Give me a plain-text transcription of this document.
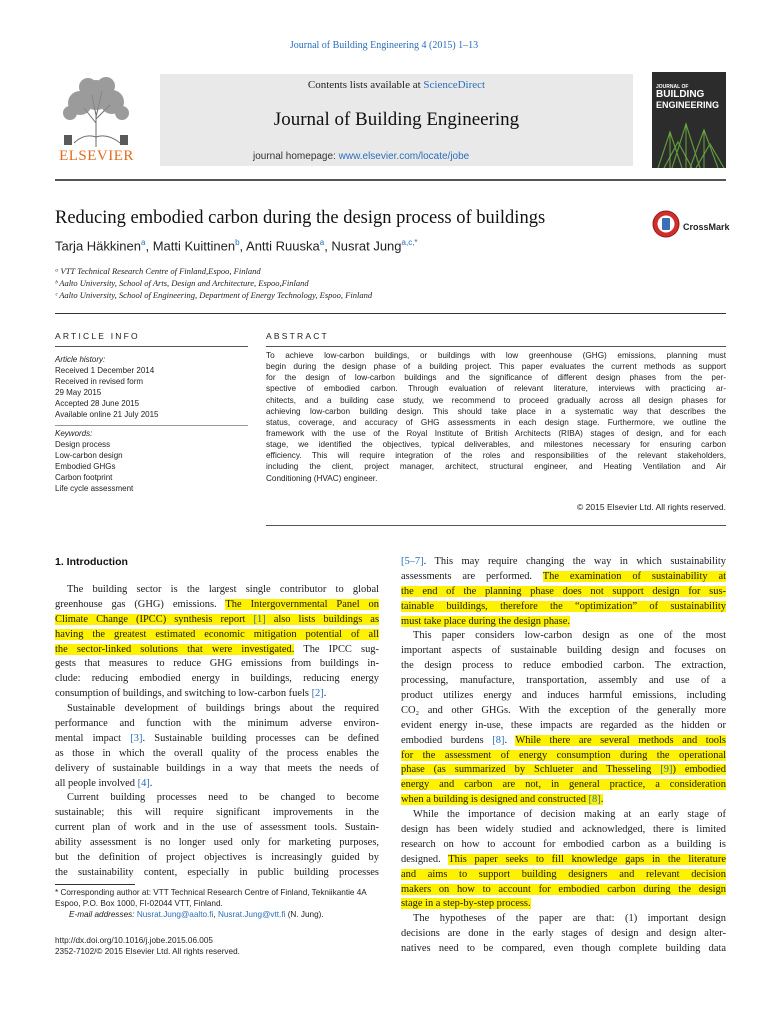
Journal of Building Engineering 4 (2015) 1–13
ELSEVIER
Contents lists available at ScienceDirect
Journal of Building Engineering
journal homepage: www.elsevier.com/locate/jobe
JOURNAL OF
BUILDING
ENGINEERING
Reducing embodied carbon during the design process of buildings	CrossMark
Tarja Häkkinen$^a$, Matti Kuittinen$^b$, Antti Ruuska$^a$, Nusrat Jung$^{a,c,*}$
ᵃ VTT Technical Research Centre of Finland,Espoo, Finland
ᵇ Aalto University, School of Arts, Design and Architecture, Espoo,Finland
ᶜ Aalto University, School of Engineering, Department of Energy Technology, Espoo, Finland
ARTICLE INFO
Article history:
Received 1 December 2014
Received in revised form
29 May 2015
Accepted 28 June 2015
Available online 21 July 2015
Keywords:
Design process
Low-carbon design
Embodied GHGs
Carbon footprint
Life cycle assessment
ABSTRACT
To achieve low-carbon buildings, or buildings with low greenhouse (GHG) emissions, planning must
begin during the design phase of a building project. This paper evaluates the current methods as support
for the design of low-carbon buildings and the significance of different design phases from the per-
spective of embodied carbon. Through evaluation of relevant literature, interviews with practicing ar-
chitects, and a building case study, we recommend to proceed gradually across all design phases for
achieving low-carbon building design. This should take place in a systematic way that describes the
status, coverage, and accuracy of GHG assessments in each design stage. Furthermore, we outline the
framework with the use of the Royal Institute of British Architects (RIBA) stages of design, and for each
stage, we identified the objectives, typical deliverables, and milestones necessary for ensuring carbon
efficiency. This will require integration of the roles and responsibilities of the relevant stakeholders,
including the client, project manager, architect, structural engineer, and Heating Ventilation and Air
Conditioning (HVAC) engineer.
© 2015 Elsevier Ltd. All rights reserved.
1. Introduction
The building sector is the largest single contributor to global
greenhouse gas (GHG) emissions. The Intergovernmental Panel on
Climate Change (IPCC) synthesis report [1] also lists buildings as
having the greatest estimated economic mitigation potential of all
the sector-linked solutions that were investigated. The IPCC sug-
gests that measures to reduce GHG emissions from buildings in-
clude: reducing embodied energy in buildings, reducing energy
consumption of buildings, and switching to low-carbon fuels [2].
Sustainable development of buildings brings about the required
performance and function with the minimum adverse environ-
mental impact [3]. Sustainable building processes can be defined
as those in which the overall quality of the process enables the
delivery of sustainable buildings in a way that meets the needs of
all people involved [4].
Current building processes need to be changed to become
sustainable; this will require significant improvements in the
current plan of work and in the use of assessment tools. Sustain-
ability assessment is no longer used only for marketing purposes,
but the definition of project objectives is increasingly guided by
the sustainability content, especially in public building processes
[5–7]. This may require changing the way in which sustainability
assessments are performed. The examination of sustainability at
the end of the planning phase does not support design for sus-
tainable buildings, therefore the “optimization” of sustainability
must take place during the design phase.
This paper considers low-carbon design as one of the most
important aspects of sustainable building design and focuses on
the design process to reduce embodied carbon. The extraction,
processing, manufacture, transportation, assembly and use of a
product utilizes energy and induces harmful emissions, including
CO₂ and other GHGs. With the exception of the generally more
evident energy in-use, these impacts are regarded as the hidden or
embodied burdens [8]. While there are several methods and tools
for the assessment of energy consumption during the operational
phase (as summarized by Schlueter and Thesseling [9]) embodied
energy and carbon are not, in general practice, a consideration
when a building is designed and constructed [8].
While the importance of decision making at an early stage of
design has been widely studied and acknowledged, there is limited
research on how to account for embodied carbon as a building is
designed. This paper seeks to fill knowledge gaps in the literature
and aims to support building designers and relevant decision
makers on how to account for embodied carbon during the design
stage in a step-by-step process.
The hypotheses of the paper are that: (1) important design
decisions are done in the early stages of design and design alter-
natives need to be compared, even though complete building data
* Corresponding author at: VTT Technical Research Centre of Finland, Tekniikantie 4A
Espoo, P.O. Box 1000, FI-02044 VTT, Finland.
E-mail addresses: Nusrat.Jung@aalto.fi, Nusrat.Jung@vtt.fi (N. Jung).
http://dx.doi.org/10.1016/j.jobe.2015.06.005
2352-7102/© 2015 Elsevier Ltd. All rights reserved.
